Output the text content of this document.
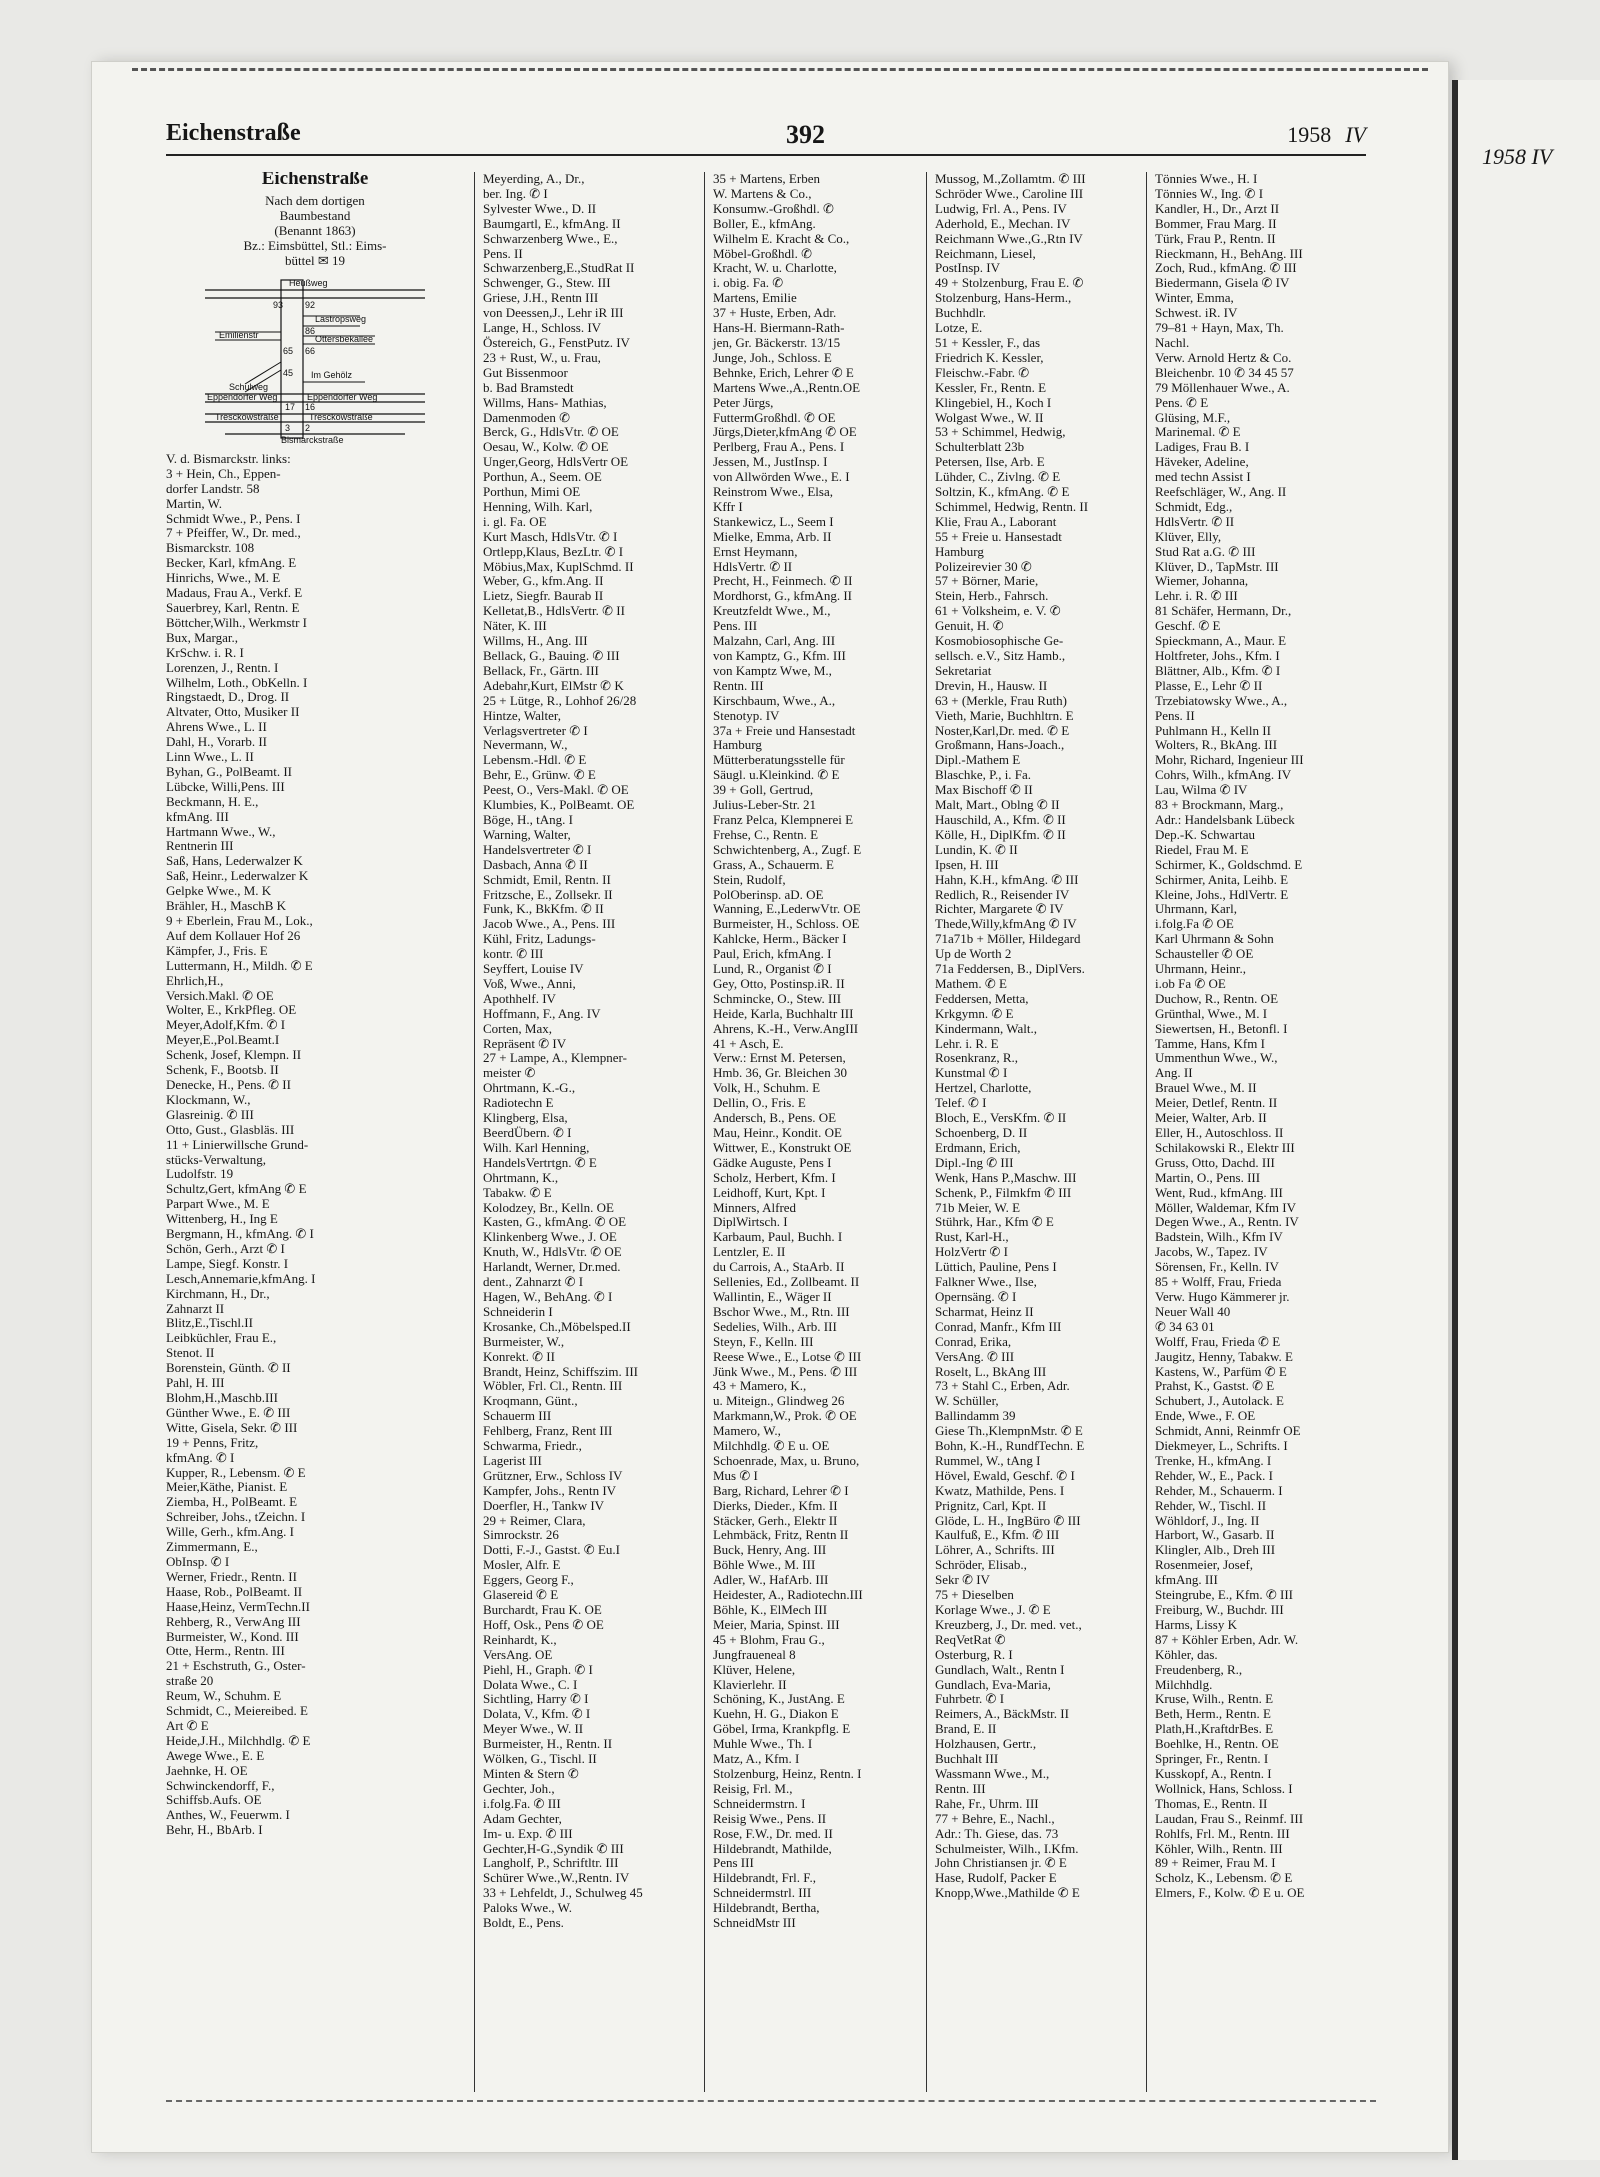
1958 IV
Eichenstraße	392	1958 IV
Eichenstraße
Nach dem dortigen
Baumbestand
(Benannt 1863)
Bz.: Eimsbüttel, Stl.: Eims-
büttel ✉ 19
Heußweg
93 92
Lastropsweg
86
Emilienstr	Ottersbekallee
65 66
Schulweg
45 Im Gehölz
Eppendorfer Weg	Eppendorfer Weg
17 16
Tresckowstraße	Tresckowstraße
3 2
Bismarckstraße
V. d. Bismarckstr. links:
3 + Hein, Ch., Eppen-
dorfer Landstr. 58
Martin, W.
Schmidt Wwe., P., Pens. I
7 + Pfeiffer, W., Dr. med.,
Bismarckstr. 108
Becker, Karl, kfmAng. E
Hinrichs, Wwe., M. E
Madaus, Frau A., Verkf. E
Sauerbrey, Karl, Rentn. E
Böttcher,Wilh., Werkmstr I
Bux, Margar.,
KrSchw. i. R. I
Lorenzen, J., Rentn. I
Wilhelm, Loth., ObKelln. I
Ringstaedt, D., Drog. II
Altvater, Otto, Musiker II
Ahrens Wwe., L. II
Dahl, H., Vorarb. II
Linn Wwe., L. II
Byhan, G., PolBeamt. II
Lübcke, Willi,Pens. III
Beckmann, H. E.,
kfmAng. III
Hartmann Wwe., W.,
Rentnerin III
Saß, Hans, Lederwalzer K
Saß, Heinr., Lederwalzer K
Gelpke Wwe., M. K
Brähler, H., MaschB K
9 + Eberlein, Frau M., Lok.,
Auf dem Kollauer Hof 26
Kämpfer, J., Fris. E
Luttermann, H., Mildh. ✆ E
Ehrlich,H.,
Versich.Makl. ✆ OE
Wolter, E., KrkPfleg. OE
Meyer,Adolf,Kfm. ✆ I
Meyer,E.,Pol.Beamt.I
Schenk, Josef, Klempn. II
Schenk, F., Bootsb. II
Denecke, H., Pens. ✆ II
Klockmann, W.,
Glasreinig. ✆ III
Otto, Gust., Glasbläs. III
11 + Linierwillsche Grund-
stücks-Verwaltung,
Ludolfstr. 19
Schultz,Gert, kfmAng ✆ E
Parpart Wwe., M. E
Wittenberg, H., Ing E
Bergmann, H., kfmAng. ✆ I
Schön, Gerh., Arzt ✆ I
Lampe, Siegf. Konstr. I
Lesch,Annemarie,kfmAng. I
Kirchmann, H., Dr.,
Zahnarzt II
Blitz,E.,Tischl.II
Leibküchler, Frau E.,
Stenot. II
Borenstein, Günth. ✆ II
Pahl, H. III
Blohm,H.,Maschb.III
Günther Wwe., E. ✆ III
Witte, Gisela, Sekr. ✆ III
19 + Penns, Fritz,
kfmAng. ✆ I
Kupper, R., Lebensm. ✆ E
Meier,Käthe, Pianist. E
Ziemba, H., PolBeamt. E
Schreiber, Johs., tZeichn. I
Wille, Gerh., kfm.Ang. I
Zimmermann, E.,
ObInsp. ✆ I
Werner, Friedr., Rentn. II
Haase, Rob., PolBeamt. II
Haase,Heinz, VermTechn.II
Rehberg, R., VerwAng III
Burmeister, W., Kond. III
Otte, Herm., Rentn. III
21 + Eschstruth, G., Oster-
straße 20
Reum, W., Schuhm. E
Schmidt, C., Meiereibed. E
Art ✆ E
Heide,J.H., Milchhdlg. ✆ E
Awege Wwe., E. E
Jaehnke, H. OE
Schwinckendorff, F.,
Schiffsb.Aufs. OE
Anthes, W., Feuerwm. I
Behr, H., BbArb. I
Meyerding, A., Dr.,
ber. Ing. ✆ I
Sylvester Wwe., D. II
Baumgartl, E., kfmAng. II
Schwarzenberg Wwe., E.,
Pens. II
Schwarzenberg,E.,StudRat II
Schwenger, G., Stew. III
Griese, J.H., Rentn III
von Deessen,J., Lehr iR III
Lange, H., Schloss. IV
Östereich, G., FenstPutz. IV
23 + Rust, W., u. Frau,
Gut Bissenmoor
b. Bad Bramstedt
Willms, Hans- Mathias,
Damenmoden ✆
Berck, G., HdlsVtr. ✆ OE
Oesau, W., Kolw. ✆ OE
Unger,Georg, HdlsVertr OE
Porthun, A., Seem. OE
Porthun, Mimi OE
Henning, Wilh. Karl,
i. gl. Fa. OE
Kurt Masch, HdlsVtr. ✆ I
Ortlepp,Klaus, BezLtr. ✆ I
Möbius,Max, KuplSchmd. II
Weber, G., kfm.Ang. II
Lietz, Siegfr. Baurab II
Kelletat,B., HdlsVertr. ✆ II
Näter, K. III
Willms, H., Ang. III
Bellack, G., Bauing. ✆ III
Bellack, Fr., Gärtn. III
Adebahr,Kurt, ElMstr ✆ K
25 + Lütge, R., Lohhof 26/28
Hintze, Walter,
Verlagsvertreter ✆ I
Nevermann, W.,
Lebensm.-Hdl. ✆ E
Behr, E., Grünw. ✆ E
Peest, O., Vers-Makl. ✆ OE
Klumbies, K., PolBeamt. OE
Böge, H., tAng. I
Warning, Walter,
Handelsvertreter ✆ I
Dasbach, Anna ✆ II
Schmidt, Emil, Rentn. II
Fritzsche, E., Zollsekr. II
Funk, K., BkKfm. ✆ II
Jacob Wwe., A., Pens. III
Kühl, Fritz, Ladungs-
kontr. ✆ III
Seyffert, Louise IV
Voß, Wwe., Anni,
Apothhelf. IV
Hoffmann, F., Ang. IV
Corten, Max,
Repräsent ✆ IV
27 + Lampe, A., Klempner-
meister ✆
Ohrtmann, K.-G.,
Radiotechn E
Klingberg, Elsa,
BeerdÜbern. ✆ I
Wilh. Karl Henning,
HandelsVertrtgn. ✆ E
Ohrtmann, K.,
Tabakw. ✆ E
Kolodzey, Br., Kelln. OE
Kasten, G., kfmAng. ✆ OE
Klinkenberg Wwe., J. OE
Knuth, W., HdlsVtr. ✆ OE
Harlandt, Werner, Dr.med.
dent., Zahnarzt ✆ I
Hagen, W., BehAng. ✆ I
Schneiderin I
Krosanke, Ch.,Möbelsped.II
Burmeister, W.,
Konrekt. ✆ II
Brandt, Heinz, Schiffszim. III
Wöbler, Frl. Cl., Rentn. III
Kroqmann, Günt.,
Schauerm III
Fehlberg, Franz, Rent III
Schwarma, Friedr.,
Lagerist III
Grützner, Erw., Schloss IV
Kampfer, Johs., Rentn IV
Doerfler, H., Tankw IV
29 + Reimer, Clara,
Simrockstr. 26
Dotti, F.-J., Gastst. ✆ Eu.I
Mosler, Alfr. E
Eggers, Georg F.,
Glasereid ✆ E
Burchardt, Frau K. OE
Hoff, Osk., Pens ✆ OE
Reinhardt, K.,
VersAng. OE
Piehl, H., Graph. ✆ I
Dolata Wwe., C. I
Sichtling, Harry ✆ I
Dolata, V., Kfm. ✆ I
Meyer Wwe., W. II
Burmeister, H., Rentn. II
Wölken, G., Tischl. II
Minten & Stern ✆
Gechter, Joh.,
i.folg.Fa. ✆ III
Adam Gechter,
Im- u. Exp. ✆ III
Gechter,H-G.,Syndik ✆ III
Langholf, P., Schriftltr. III
Schürer Wwe.,W.,Rentn. IV
33 + Lehfeldt, J., Schulweg 45
Paloks Wwe., W.
Boldt, E., Pens.
35 + Martens, Erben
W. Martens & Co.,
Konsumw.-Großhdl. ✆
Boller, E., kfmAng.
Wilhelm E. Kracht & Co.,
Möbel-Großhdl. ✆
Kracht, W. u. Charlotte,
i. obig. Fa. ✆
Martens, Emilie
37 + Huste, Erben, Adr.
Hans-H. Biermann-Rath-
jen, Gr. Bäckerstr. 13/15
Junge, Joh., Schloss. E
Behnke, Erich, Lehrer ✆ E
Martens Wwe.,A.,Rentn.OE
Peter Jürgs,
FuttermGroßhdl. ✆ OE
Jürgs,Dieter,kfmAng ✆ OE
Perlberg, Frau A., Pens. I
Jessen, M., JustInsp. I
von Allwörden Wwe., E. I
Reinstrom Wwe., Elsa,
Kffr I
Stankewicz, L., Seem I
Mielke, Emma, Arb. II
Ernst Heymann,
HdlsVertr. ✆ II
Precht, H., Feinmech. ✆ II
Mordhorst, G., kfmAng. II
Kreutzfeldt Wwe., M.,
Pens. III
Malzahn, Carl, Ang. III
von Kamptz, G., Kfm. III
von Kamptz Wwe, M.,
Rentn. III
Kirschbaum, Wwe., A.,
Stenotyp. IV
37a + Freie und Hansestadt
Hamburg
Mütterberatungsstelle für
Säugl. u.Kleinkind. ✆ E
39 + Goll, Gertrud,
Julius-Leber-Str. 21
Franz Pelca, Klempnerei E
Frehse, C., Rentn. E
Schwichtenberg, A., Zugf. E
Grass, A., Schauerm. E
Stein, Rudolf,
PolOberinsp. aD. OE
Wanning, E.,LederwVtr. OE
Burmeister, H., Schloss. OE
Kahlcke, Herm., Bäcker I
Paul, Erich, kfmAng. I
Lund, R., Organist ✆ I
Gey, Otto, Postinsp.iR. II
Schmincke, O., Stew. III
Heide, Karla, Buchhaltr III
Ahrens, K.-H., Verw.AngIII
41 + Asch, E.
Verw.: Ernst M. Petersen,
Hmb. 36, Gr. Bleichen 30
Volk, H., Schuhm. E
Dellin, O., Fris. E
Andersch, B., Pens. OE
Mau, Heinr., Kondit. OE
Wittwer, E., Konstrukt OE
Gädke Auguste, Pens I
Scholz, Herbert, Kfm. I
Leidhoff, Kurt, Kpt. I
Minners, Alfred
DiplWirtsch. I
Karbaum, Paul, Buchh. I
Lentzler, E. II
du Carrois, A., StaArb. II
Sellenies, Ed., Zollbeamt. II
Wallintin, E., Wäger II
Bschor Wwe., M., Rtn. III
Sedelies, Wilh., Arb. III
Steyn, F., Kelln. III
Reese Wwe., E., Lotse ✆ III
Jünk Wwe., M., Pens. ✆ III
43 + Mamero, K.,
u. Miteign., Glindweg 26
Markmann,W., Prok. ✆ OE
Mamero, W.,
Milchhdlg. ✆ E u. OE
Schoenrade, Max, u. Bruno,
Mus ✆ I
Barg, Richard, Lehrer ✆ I
Dierks, Dieder., Kfm. II
Stäcker, Gerh., Elektr II
Lehmbäck, Fritz, Rentn II
Buck, Henry, Ang. III
Böhle Wwe., M. III
Adler, W., HafArb. III
Heidester, A., Radiotechn.III
Böhle, K., ElMech III
Meier, Maria, Spinst. III
45 + Blohm, Frau G.,
Jungfraueneal 8
Klüver, Helene,
Klavierlehr. II
Schöning, K., JustAng. E
Kuehn, H. G., Diakon E
Göbel, Irma, Krankpflg. E
Muhle Wwe., Th. I
Matz, A., Kfm. I
Stolzenburg, Heinz, Rentn. I
Reisig, Frl. M.,
Schneidermstrn. I
Reisig Wwe., Pens. II
Rose, F.W., Dr. med. II
Hildebrandt, Mathilde,
Pens III
Hildebrandt, Frl. F.,
Schneidermstrl. III
Hildebrandt, Bertha,
SchneidMstr III
Mussog, M.,Zollamtm. ✆ III
Schröder Wwe., Caroline III
Ludwig, Frl. A., Pens. IV
Aderhold, E., Mechan. IV
Reichmann Wwe.,G.,Rtn IV
Reichmann, Liesel,
PostInsp. IV
49 + Stolzenburg, Frau E. ✆
Stolzenburg, Hans-Herm.,
Buchhdlr.
Lotze, E.
51 + Kessler, F., das
Friedrich K. Kessler,
Fleischw.-Fabr. ✆
Kessler, Fr., Rentn. E
Klingebiel, H., Koch I
Wolgast Wwe., W. II
53 + Schimmel, Hedwig,
Schulterblatt 23b
Petersen, Ilse, Arb. E
Lühder, C., Zivlng. ✆ E
Soltzin, K., kfmAng. ✆ E
Schimmel, Hedwig, Rentn. II
Klie, Frau A., Laborant
55 + Freie u. Hansestadt
Hamburg
Polizeirevier 30 ✆
57 + Börner, Marie,
Stein, Herb., Fahrsch.
61 + Volksheim, e. V. ✆
Genuit, H. ✆
Kosmobiosophische Ge-
sellsch. e.V., Sitz Hamb.,
Sekretariat
Drevin, H., Hausw. II
63 + (Merkle, Frau Ruth)
Vieth, Marie, Buchhltrn. E
Noster,Karl,Dr. med. ✆ E
Großmann, Hans-Joach.,
Dipl.-Mathem E
Blaschke, P., i. Fa.
Max Bischoff ✆ II
Malt, Mart., Oblng ✆ II
Hauschild, A., Kfm. ✆ II
Kölle, H., DiplKfm. ✆ II
Lundin, K. ✆ II
Ipsen, H. III
Hahn, K.H., kfmAng. ✆ III
Redlich, R., Reisender IV
Richter, Margarete ✆ IV
Thede,Willy,kfmAng ✆ IV
71a71b + Möller, Hildegard
Up de Worth 2
71a Feddersen, B., DiplVers.
Mathem. ✆ E
Feddersen, Metta,
Krkgymn. ✆ E
Kindermann, Walt.,
Lehr. i. R. E
Rosenkranz, R.,
Kunstmal ✆ I
Hertzel, Charlotte,
Telef. ✆ I
Bloch, E., VersKfm. ✆ II
Schoenberg, D. II
Erdmann, Erich,
Dipl.-Ing ✆ III
Wenk, Hans P.,Maschw. III
Schenk, P., Filmkfm ✆ III
71b Meier, W. E
Stührk, Har., Kfm ✆ E
Rust, Karl-H.,
HolzVertr ✆ I
Lüttich, Pauline, Pens I
Falkner Wwe., Ilse,
Opernsäng. ✆ I
Scharmat, Heinz II
Conrad, Manfr., Kfm III
Conrad, Erika,
VersAng. ✆ III
Roselt, L., BkAng III
73 + Stahl C., Erben, Adr.
W. Schüller,
Ballindamm 39
Giese Th.,KlempnMstr. ✆ E
Bohn, K.-H., RundfTechn. E
Rummel, W., tAng I
Hövel, Ewald, Geschf. ✆ I
Kwatz, Mathilde, Pens. I
Prignitz, Carl, Kpt. II
Glöde, L. H., IngBüro ✆ III
Kaulfuß, E., Kfm. ✆ III
Löhrer, A., Schrifts. III
Schröder, Elisab.,
Sekr ✆ IV
75 + Dieselben
Korlage Wwe., J. ✆ E
Kreuzberg, J., Dr. med. vet.,
ReqVetRat ✆
Osterburg, R. I
Gundlach, Walt., Rentn I
Gundlach, Eva-Maria,
Fuhrbetr. ✆ I
Reimers, A., BäckMstr. II
Brand, E. II
Holzhausen, Gertr.,
Buchhalt III
Wassmann Wwe., M.,
Rentn. III
Rahe, Fr., Uhrm. III
77 + Behre, E., Nachl.,
Adr.: Th. Giese, das. 73
Schulmeister, Wilh., I.Kfm.
John Christiansen jr. ✆ E
Hase, Rudolf, Packer E
Knopp,Wwe.,Mathilde ✆ E
Tönnies Wwe., H. I
Tönnies W., Ing. ✆ I
Kandler, H., Dr., Arzt II
Bommer, Frau Marg. II
Türk, Frau P., Rentn. II
Rieckmann, H., BehAng. III
Zoch, Rud., kfmAng. ✆ III
Biedermann, Gisela ✆ IV
Winter, Emma,
Schwest. iR. IV
79–81 + Hayn, Max, Th.
Nachl.
Verw. Arnold Hertz & Co.
Bleichenbr. 10 ✆ 34 45 57
79 Möllenhauer Wwe., A.
Pens. ✆ E
Glüsing, M.F.,
Marinemal. ✆ E
Ladiges, Frau B. I
Häveker, Adeline,
med techn Assist I
Reefschläger, W., Ang. II
Schmidt, Edg.,
HdlsVertr. ✆ II
Klüver, Elly,
Stud Rat a.G. ✆ III
Klüver, D., TapMstr. III
Wiemer, Johanna,
Lehr. i. R. ✆ III
81 Schäfer, Hermann, Dr.,
Geschf. ✆ E
Spieckmann, A., Maur. E
Holtfreter, Johs., Kfm. I
Blättner, Alb., Kfm. ✆ I
Plasse, E., Lehr ✆ II
Trzebiatowsky Wwe., A.,
Pens. II
Puhlmann H., Kelln II
Wolters, R., BkAng. III
Mohr, Richard, Ingenieur III
Cohrs, Wilh., kfmAng. IV
Lau, Wilma ✆ IV
83 + Brockmann, Marg.,
Adr.: Handelsbank Lübeck
Dep.-K. Schwartau
Riedel, Frau M. E
Schirmer, K., Goldschmd. E
Schirmer, Anita, Leihb. E
Kleine, Johs., HdlVertr. E
Uhrmann, Karl,
i.folg.Fa ✆ OE
Karl Uhrmann & Sohn
Schausteller ✆ OE
Uhrmann, Heinr.,
i.ob Fa ✆ OE
Duchow, R., Rentn. OE
Grünthal, Wwe., M. I
Siewertsen, H., Betonfl. I
Tamme, Hans, Kfm I
Ummenthun Wwe., W.,
Ang. II
Brauel Wwe., M. II
Meier, Detlef, Rentn. II
Meier, Walter, Arb. II
Eller, H., Autoschloss. II
Schilakowski R., Elektr III
Gruss, Otto, Dachd. III
Martin, O., Pens. III
Went, Rud., kfmAng. III
Möller, Waldemar, Kfm IV
Degen Wwe., A., Rentn. IV
Badstein, Wilh., Kfm IV
Jacobs, W., Tapez. IV
Sörensen, Fr., Kelln. IV
85 + Wolff, Frau, Frieda
Verw. Hugo Kämmerer jr.
Neuer Wall 40
✆ 34 63 01
Wolff, Frau, Frieda ✆ E
Jaugitz, Henny, Tabakw. E
Kastens, W., Parfüm ✆ E
Prahst, K., Gastst. ✆ E
Schubert, J., Autolack. E
Ende, Wwe., F. OE
Schmidt, Anni, Reinmfr OE
Diekmeyer, L., Schrifts. I
Trenke, H., kfmAng. I
Rehder, W., E., Pack. I
Rehder, M., Schauerm. I
Rehder, W., Tischl. II
Wöhldorf, J., Ing. II
Harbort, W., Gasarb. II
Klingler, Alb., Dreh III
Rosenmeier, Josef,
kfmAng. III
Steingrube, E., Kfm. ✆ III
Freiburg, W., Buchdr. III
Harms, Lissy K
87 + Köhler Erben, Adr. W.
Köhler, das.
Freudenberg, R.,
Milchhdlg.
Kruse, Wilh., Rentn. E
Beth, Herm., Rentn. E
Plath,H.,KraftdrBes. E
Boehlke, H., Rentn. OE
Springer, Fr., Rentn. I
Kusskopf, A., Rentn. I
Wollnick, Hans, Schloss. I
Thomas, E., Rentn. II
Laudan, Frau S., Reinmf. III
Rohlfs, Frl. M., Rentn. III
Köhler, Wilh., Rentn. III
89 + Reimer, Frau M. I
Scholz, K., Lebensm. ✆ E
Elmers, F., Kolw. ✆ E u. OE
